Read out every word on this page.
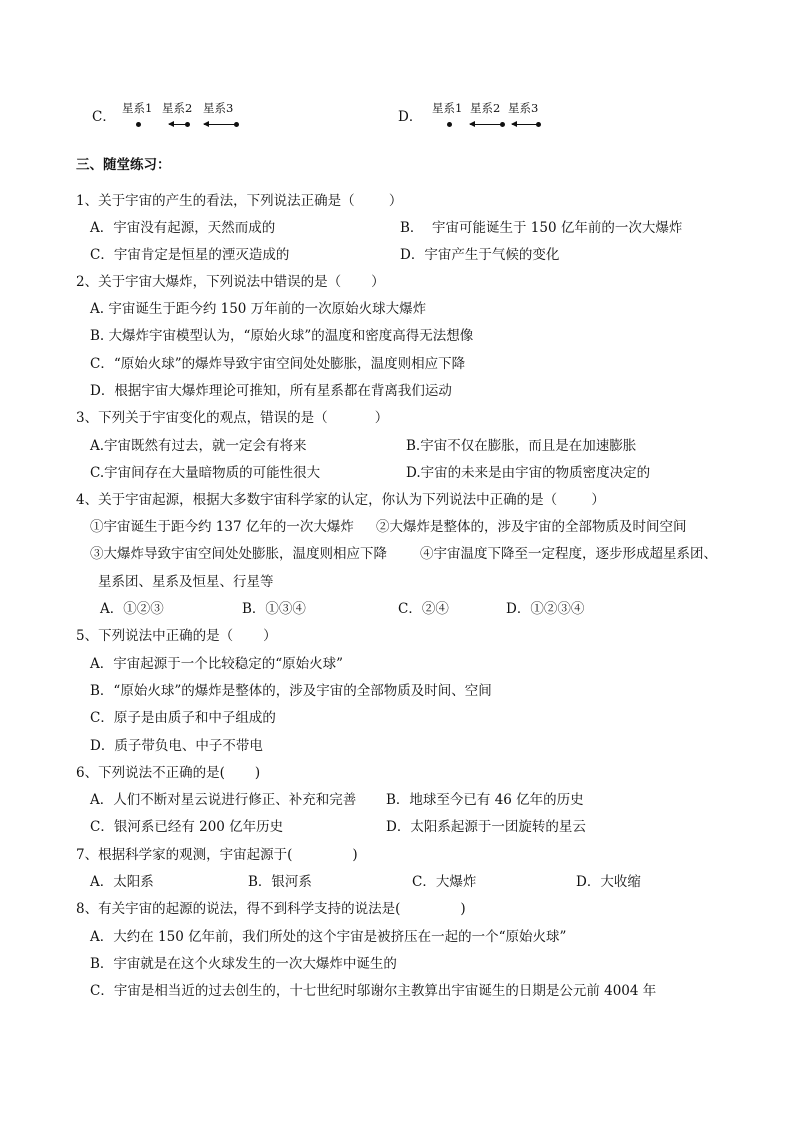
C．
星系1 星系2 星系3
D．
星系1 星系2 星系3
三、随堂练习：
1、关于宇宙的产生的看法，下列说法正确是（        ）
A．宇宙没有起源，天然而成的	B．  宇宙可能诞生于 150 亿年前的一次大爆炸
C．宇宙肯定是恒星的湮灭造成的	D．宇宙产生于气候的变化
2、关于宇宙大爆炸，下列说法中错误的是（       ）
A. 宇宙诞生于距今约 150 万年前的一次原始火球大爆炸
B. 大爆炸宇宙模型认为，“原始火球”的温度和密度高得无法想像
C．“原始火球”的爆炸导致宇宙空间处处膨胀，温度则相应下降
D．根据宇宙大爆炸理论可推知，所有星系都在背离我们运动
3、下列关于宇宙变化的观点，错误的是（           ）
A.宇宙既然有过去，就一定会有将来	B.宇宙不仅在膨胀，而且是在加速膨胀
C.宇宙间存在大量暗物质的可能性很大	D.宇宙的未来是由宇宙的物质密度决定的
4、关于宇宙起源，根据大多数宇宙科学家的认定，你认为下列说法中正确的是（        ）
①宇宙诞生于距今约 137 亿年的一次大爆炸 ②大爆炸是整体的，涉及宇宙的全部物质及时间空间
③大爆炸导致宇宙空间处处膨胀，温度则相应下降 ④宇宙温度下降至一定程度，逐步形成超星系团、
星系团、星系及恒星、行星等
A．①②③	B．①③④	C．②④	D．①②③④
5、下列说法中正确的是（       ）
A．宇宙起源于一个比较稳定的“原始火球”
B．“原始火球”的爆炸是整体的，涉及宇宙的全部物质及时间、空间
C．原子是由质子和中子组成的
D．质子带负电、中子不带电
6、下列说法不正确的是(       )
A．人们不断对星云说进行修正、补充和完善 B．地球至今已有 46 亿年的历史
C．银河系已经有 200 亿年历史	D．太阳系起源于一团旋转的星云
7、根据科学家的观测，宇宙起源于(              )
A．太阳系	B．银河系	C．大爆炸	D．大收缩
8、有关宇宙的起源的说法，得不到科学支持的说法是(              )
A．大约在 150 亿年前，我们所处的这个宇宙是被挤压在一起的一个“原始火球”
B．宇宙就是在这个火球发生的一次大爆炸中诞生的
C．宇宙是相当近的过去创生的，十七世纪时邬谢尔主教算出宇宙诞生的日期是公元前 4004 年
